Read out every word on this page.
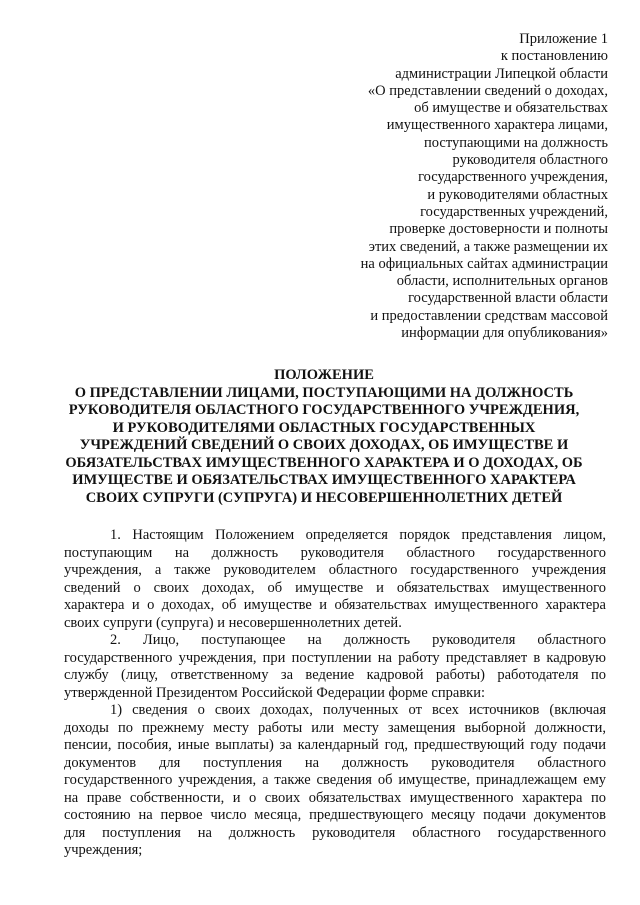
Приложение 1
к постановлению
администрации Липецкой области
«О представлении сведений о доходах,
об имуществе и обязательствах
имущественного характера лицами,
поступающими на должность
руководителя областного
государственного учреждения,
и руководителями областных
государственных учреждений,
проверке достоверности и полноты
этих сведений, а также размещении их
на официальных сайтах администрации
области, исполнительных органов
государственной власти области
и предоставлении средствам массовой
информации для опубликования»
ПОЛОЖЕНИЕ
О ПРЕДСТАВЛЕНИИ ЛИЦАМИ, ПОСТУПАЮЩИМИ НА ДОЛЖНОСТЬ
РУКОВОДИТЕЛЯ ОБЛАСТНОГО ГОСУДАРСТВЕННОГО УЧРЕЖДЕНИЯ,
И РУКОВОДИТЕЛЯМИ ОБЛАСТНЫХ ГОСУДАРСТВЕННЫХ
УЧРЕЖДЕНИЙ СВЕДЕНИЙ О СВОИХ ДОХОДАХ, ОБ ИМУЩЕСТВЕ И
ОБЯЗАТЕЛЬСТВАХ ИМУЩЕСТВЕННОГО ХАРАКТЕРА И О ДОХОДАХ, ОБ
ИМУЩЕСТВЕ И ОБЯЗАТЕЛЬСТВАХ ИМУЩЕСТВЕННОГО ХАРАКТЕРА
СВОИХ СУПРУГИ (СУПРУГА) И НЕСОВЕРШЕННОЛЕТНИХ ДЕТЕЙ
1. Настоящим Положением определяется порядок представления лицом,
поступающим на должность руководителя областного государственного
учреждения, а также руководителем областного государственного учреждения
сведений о своих доходах, об имуществе и обязательствах имущественного
характера и о доходах, об имуществе и обязательствах имущественного характера
своих супруги (супруга) и несовершеннолетних детей.
2. Лицо, поступающее на должность руководителя областного
государственного учреждения, при поступлении на работу представляет в кадровую
службу (лицу, ответственному за ведение кадровой работы) работодателя по
утвержденной Президентом Российской Федерации форме справки:
1) сведения о своих доходах, полученных от всех источников (включая
доходы по прежнему месту работы или месту замещения выборной должности,
пенсии, пособия, иные выплаты) за календарный год, предшествующий году подачи
документов для поступления на должность руководителя областного
государственного учреждения, а также сведения об имуществе, принадлежащем ему
на праве собственности, и о своих обязательствах имущественного характера по
состоянию на первое число месяца, предшествующего месяцу подачи документов
для поступления на должность руководителя областного государственного
учреждения;
